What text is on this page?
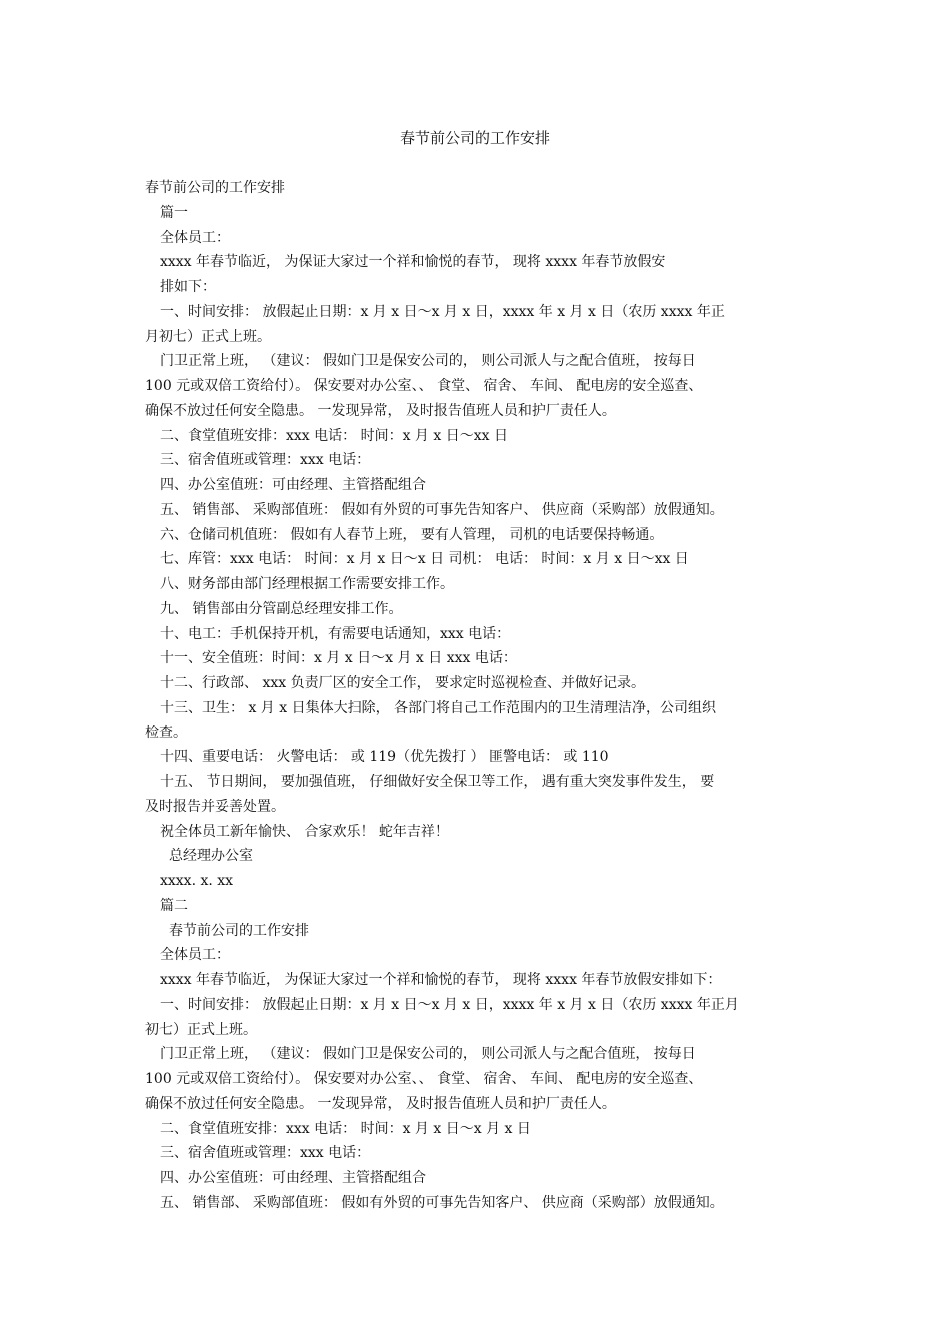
春节前公司的工作安排
春节前公司的工作安排
篇一
全体员工：
xxxx 年春节临近， 为保证大家过一个祥和愉悦的春节， 现将 xxxx 年春节放假安
排如下：
一、时间安排： 放假起止日期：x 月 x 日～x 月 x 日，xxxx 年 x 月 x 日（农历 xxxx 年正
月初七）正式上班。
门卫正常上班， （建议： 假如门卫是保安公司的， 则公司派人与之配合值班， 按每日
100 元或双倍工资给付）。 保安要对办公室、、 食堂、 宿舍、 车间、 配电房的安全巡查、
确保不放过任何安全隐患。 一发现异常， 及时报告值班人员和护厂责任人。
二、食堂值班安排：xxx 电话： 时间：x 月 x 日～xx 日
三、宿舍值班或管理：xxx 电话：
四、办公室值班：可由经理、主管搭配组合
五、 销售部、 采购部值班： 假如有外贸的可事先告知客户、 供应商（采购部）放假通知。
六、仓储司机值班： 假如有人春节上班， 要有人管理， 司机的电话要保持畅通。
七、库管：xxx 电话： 时间：x 月 x 日～x 日 司机： 电话： 时间：x 月 x 日～xx 日
八、财务部由部门经理根据工作需要安排工作。
九、 销售部由分管副总经理安排工作。
十、电工：手机保持开机，有需要电话通知，xxx 电话：
十一、安全值班：时间：x 月 x 日～x 月 x 日 xxx 电话：
十二、行政部、 xxx 负责厂区的安全工作， 要求定时巡视检查、并做好记录。
十三、卫生： x 月 x 日集体大扫除， 各部门将自己工作范围内的卫生清理洁净，公司组织
检查。
十四、重要电话： 火警电话： 或 119（优先拨打 ） 匪警电话： 或 110
十五、 节日期间， 要加强值班， 仔细做好安全保卫等工作， 遇有重大突发事件发生， 要
及时报告并妥善处置。
祝全体员工新年愉快、 合家欢乐！ 蛇年吉祥！
总经理办公室
xxxx. x. xx
篇二
春节前公司的工作安排
全体员工：
xxxx 年春节临近， 为保证大家过一个祥和愉悦的春节， 现将 xxxx 年春节放假安排如下：
一、时间安排： 放假起止日期：x 月 x 日～x 月 x 日，xxxx 年 x 月 x 日（农历 xxxx 年正月
初七）正式上班。
门卫正常上班， （建议： 假如门卫是保安公司的， 则公司派人与之配合值班， 按每日
100 元或双倍工资给付）。 保安要对办公室、、 食堂、 宿舍、 车间、 配电房的安全巡查、
确保不放过任何安全隐患。 一发现异常， 及时报告值班人员和护厂责任人。
二、食堂值班安排：xxx 电话： 时间：x 月 x 日～x 月 x 日
三、宿舍值班或管理：xxx 电话：
四、办公室值班：可由经理、主管搭配组合
五、 销售部、 采购部值班： 假如有外贸的可事先告知客户、 供应商（采购部）放假通知。
